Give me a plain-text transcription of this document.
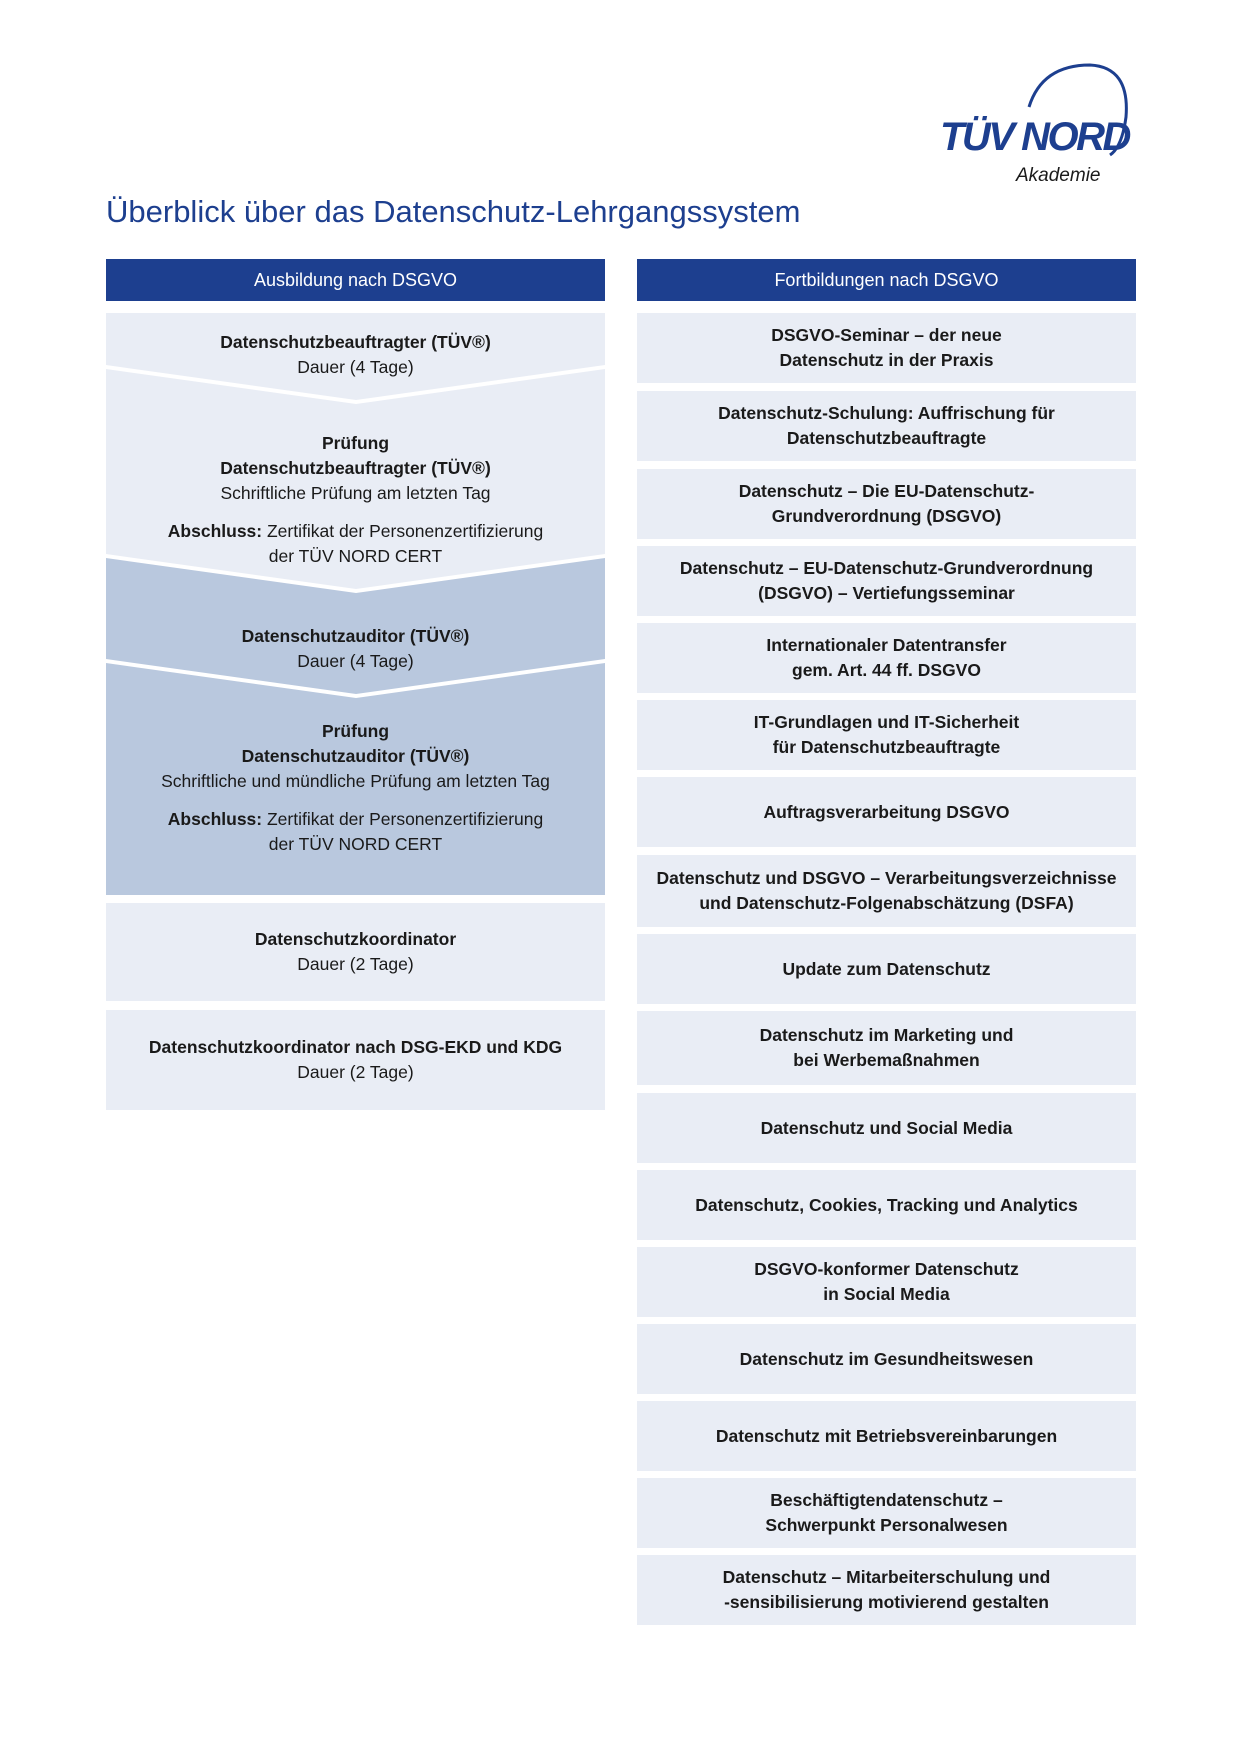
TÜV NORD
Akademie
Überblick über das Datenschutz-Lehrgangssystem
Ausbildung nach DSGVO	Fortbildungen nach DSGVO
Datenschutzbeauftragter (TÜV®)
Dauer (4 Tage)
Prüfung
Datenschutzbeauftragter (TÜV®)
Schriftliche Prüfung am letzten Tag
Abschluss: Zertifikat der Personenzertifizierung
der TÜV NORD CERT
Datenschutzauditor (TÜV®)
Dauer (4 Tage)
Prüfung
Datenschutzauditor (TÜV®)
Schriftliche und mündliche Prüfung am letzten Tag
Abschluss: Zertifikat der Personenzertifizierung
der TÜV NORD CERT
Datenschutzkoordinator
Dauer (2 Tage)
Datenschutzkoordinator nach DSG-EKD und KDG
Dauer (2 Tage)
DSGVO-Seminar – der neue
Datenschutz in der Praxis
Datenschutz-Schulung: Auffrischung für
Datenschutzbeauftragte
Datenschutz – Die EU-Datenschutz-
Grundverordnung (DSGVO)
Datenschutz – EU-Datenschutz-Grundverordnung
(DSGVO) – Vertiefungsseminar
Internationaler Datentransfer
gem. Art. 44 ff. DSGVO
IT-Grundlagen und IT-Sicherheit
für Datenschutzbeauftragte
Auftragsverarbeitung DSGVO
Datenschutz und DSGVO – Verarbeitungsverzeichnisse
und Datenschutz-Folgenabschätzung (DSFA)
Update zum Datenschutz
Datenschutz im Marketing und
bei Werbemaßnahmen
Datenschutz und Social Media
Datenschutz, Cookies, Tracking und Analytics
DSGVO-konformer Datenschutz
in Social Media
Datenschutz im Gesundheitswesen
Datenschutz mit Betriebsvereinbarungen
Beschäftigtendatenschutz –
Schwerpunkt Personalwesen
Datenschutz – Mitarbeiterschulung und
-sensibilisierung motivierend gestalten
